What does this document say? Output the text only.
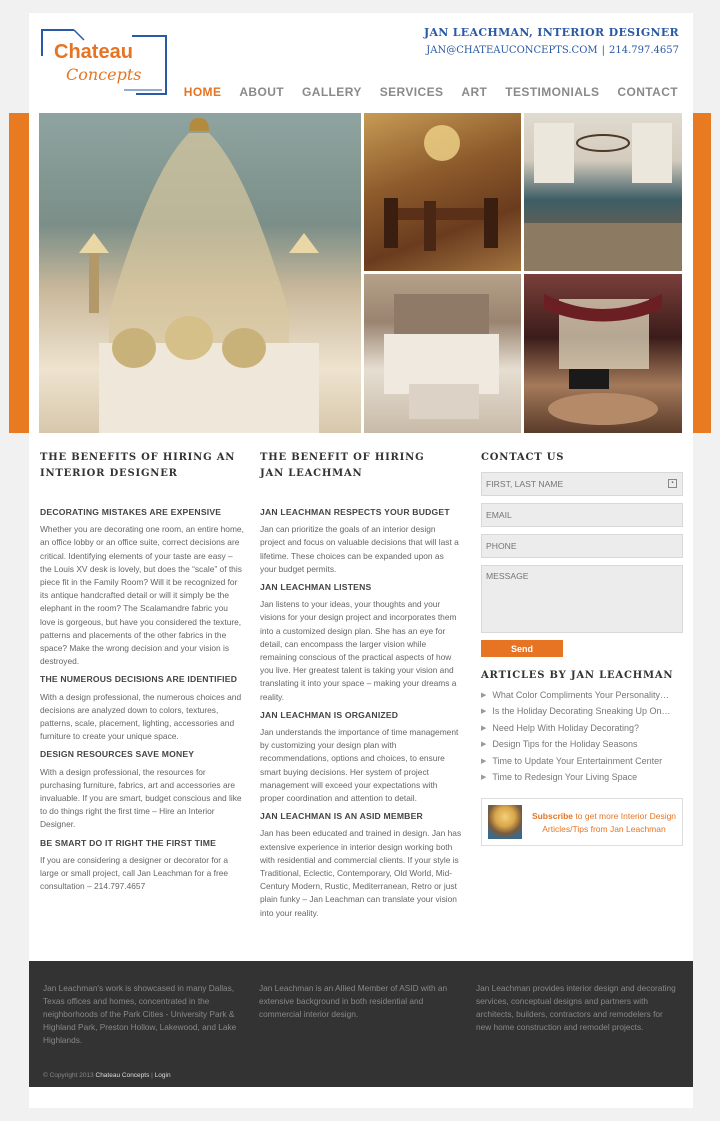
Chateau
Concepts
JAN LEACHMAN, INTERIOR DESIGNER
JAN@CHATEAUCONCEPTS.COM | 214.797.4657
HOME ABOUT GALLERY SERVICES ART TESTIMONIALS CONTACT
THE BENEFITS OF HIRING AN
INTERIOR DESIGNER
DECORATING MISTAKES ARE EXPENSIVE

Whether you are decorating one room, an entire home, an office lobby or an office suite, correct decisions are critical. Identifying elements of your taste are easy – the Louis XV desk is lovely, but does the “scale” of this piece fit in the Family Room? Will it be recognized for its antique handcrafted detail or will it simply be the elephant in the room? The Scalamandre fabric you love is gorgeous, but have you considered the texture, patterns and placements of the other fabrics in the space? Make the wrong decision and your vision is destroyed.

THE NUMEROUS DECISIONS ARE IDENTIFIED

With a design professional, the numerous choices and decisions are analyzed down to colors, textures, patterns, scale, placement, lighting, accessories and furniture to create your unique space.

DESIGN RESOURCES SAVE MONEY

With a design professional, the resources for purchasing furniture, fabrics, art and accessories are invaluable. If you are smart, budget conscious and like to do things right the first time – Hire an Interior Designer.

BE SMART DO IT RIGHT THE FIRST TIME

If you are considering a designer or decorator for a large or small project, call Jan Leachman for a free consultation – 214.797.4657

THE BENEFIT OF HIRING
JAN LEACHMAN
JAN LEACHMAN RESPECTS YOUR BUDGET

Jan can prioritize the goals of an interior design project and focus on valuable decisions that will last a lifetime. These choices can be expanded upon as your budget permits.

JAN LEACHMAN LISTENS

Jan listens to your ideas, your thoughts and your visions for your design project and incorporates them into a customized design plan. She has an eye for detail, can encompass the larger vision while remaining conscious of the practical aspects of how you live. Her greatest talent is taking your vision and translating it into your space – making your dreams a reality.

JAN LEACHMAN IS ORGANIZED

Jan understands the importance of time management by customizing your design plan with recommendations, options and choices, to ensure smart buying decisions. Her system of project management will exceed your expectations with proper coordination and attention to detail.

JAN LEACHMAN IS AN ASID MEMBER

Jan has been educated and trained in design. Jan has extensive experience in interior design working both with residential and commercial clients. If your style is Traditional, Eclectic, Contemporary, Old World, Mid-Century Modern, Rustic, Mediterranean, Retro or just plain funky – Jan Leachman can translate your vision into your reality.

CONTACT US
FIRST, LAST NAME
▪
EMAIL
PHONE
MESSAGE
Send
ARTICLES BY JAN LEACHMAN
▶ What Color Compliments Your Personality…
▶ Is the Holiday Decorating Sneaking Up On…
▶ Need Help With Holiday Decorating?
▶ Design Tips for the Holiday Seasons
▶ Time to Update Your Entertainment Center
▶ Time to Redesign Your Living Space
Subscribe to get more Interior Design Articles/Tips from Jan Leachman
Jan Leachman's work is showcased in many Dallas, Texas offices and homes, concentrated in the neighborhoods of the Park Cities - University Park & Highland Park, Preston Hollow, Lakewood, and Lake Highlands.
Jan Leachman is an Allied Member of ASID with an extensive background in both residential and commercial interior design.
Jan Leachman provides interior design and decorating services, conceptual designs and partners with architects, builders, contractors and remodelers for new home construction and remodel projects.
© Copyright 2013 Chateau Concepts | Login
